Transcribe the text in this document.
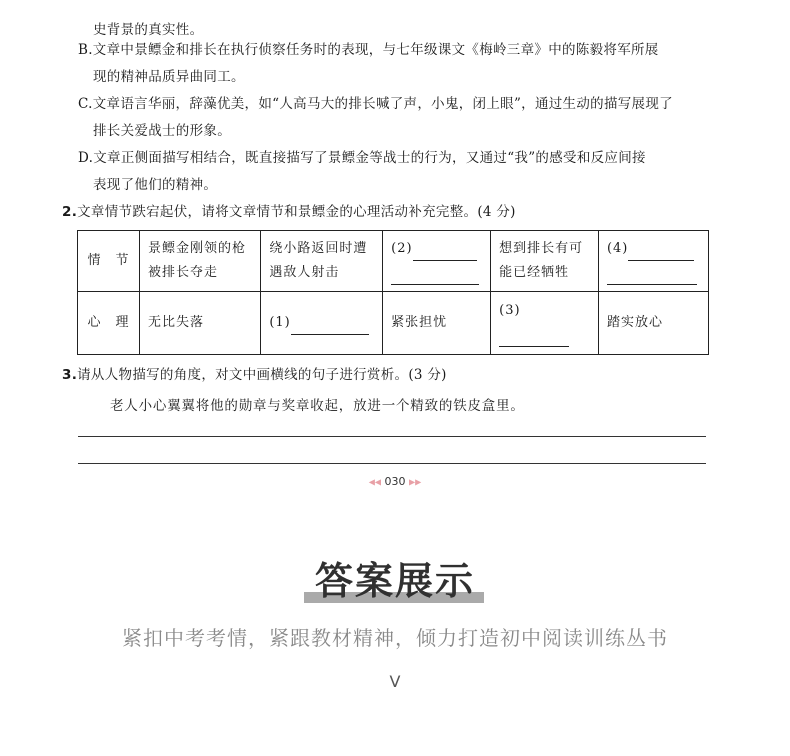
史背景的真实性。
B.文章中景鳔金和排长在执行侦察任务时的表现，与七年级课文《梅岭三章》中的陈毅将军所展
现的精神品质异曲同工。
C.文章语言华丽，辞藻优美，如“人高马大的排长喊了声，小鬼，闭上眼”，通过生动的描写展现了
排长关爱战士的形象。
D.文章正侧面描写相结合，既直接描写了景鳔金等战士的行为，又通过“我”的感受和反应间接
表现了他们的精神。
2.文章情节跌宕起伏，请将文章情节和景鳔金的心理活动补充完整。(4 分)
情　节	景鳔金刚领的枪被排长夺走	绕小路返回时遭遇敌人射击	(2)	想到排长有可能已经牺牲	(4)

心　理	无比失落	(1)	紧张担忧	(3)	踏实放心
3.请从人物描写的角度，对文中画横线的句子进行赏析。(3 分)
老人小心翼翼将他的勋章与奖章收起，放进一个精致的铁皮盒里。
◀◀ 030 ▶▶
答案展示
紧扣中考考情，紧跟教材精神，倾力打造初中阅读训练丛书
V
